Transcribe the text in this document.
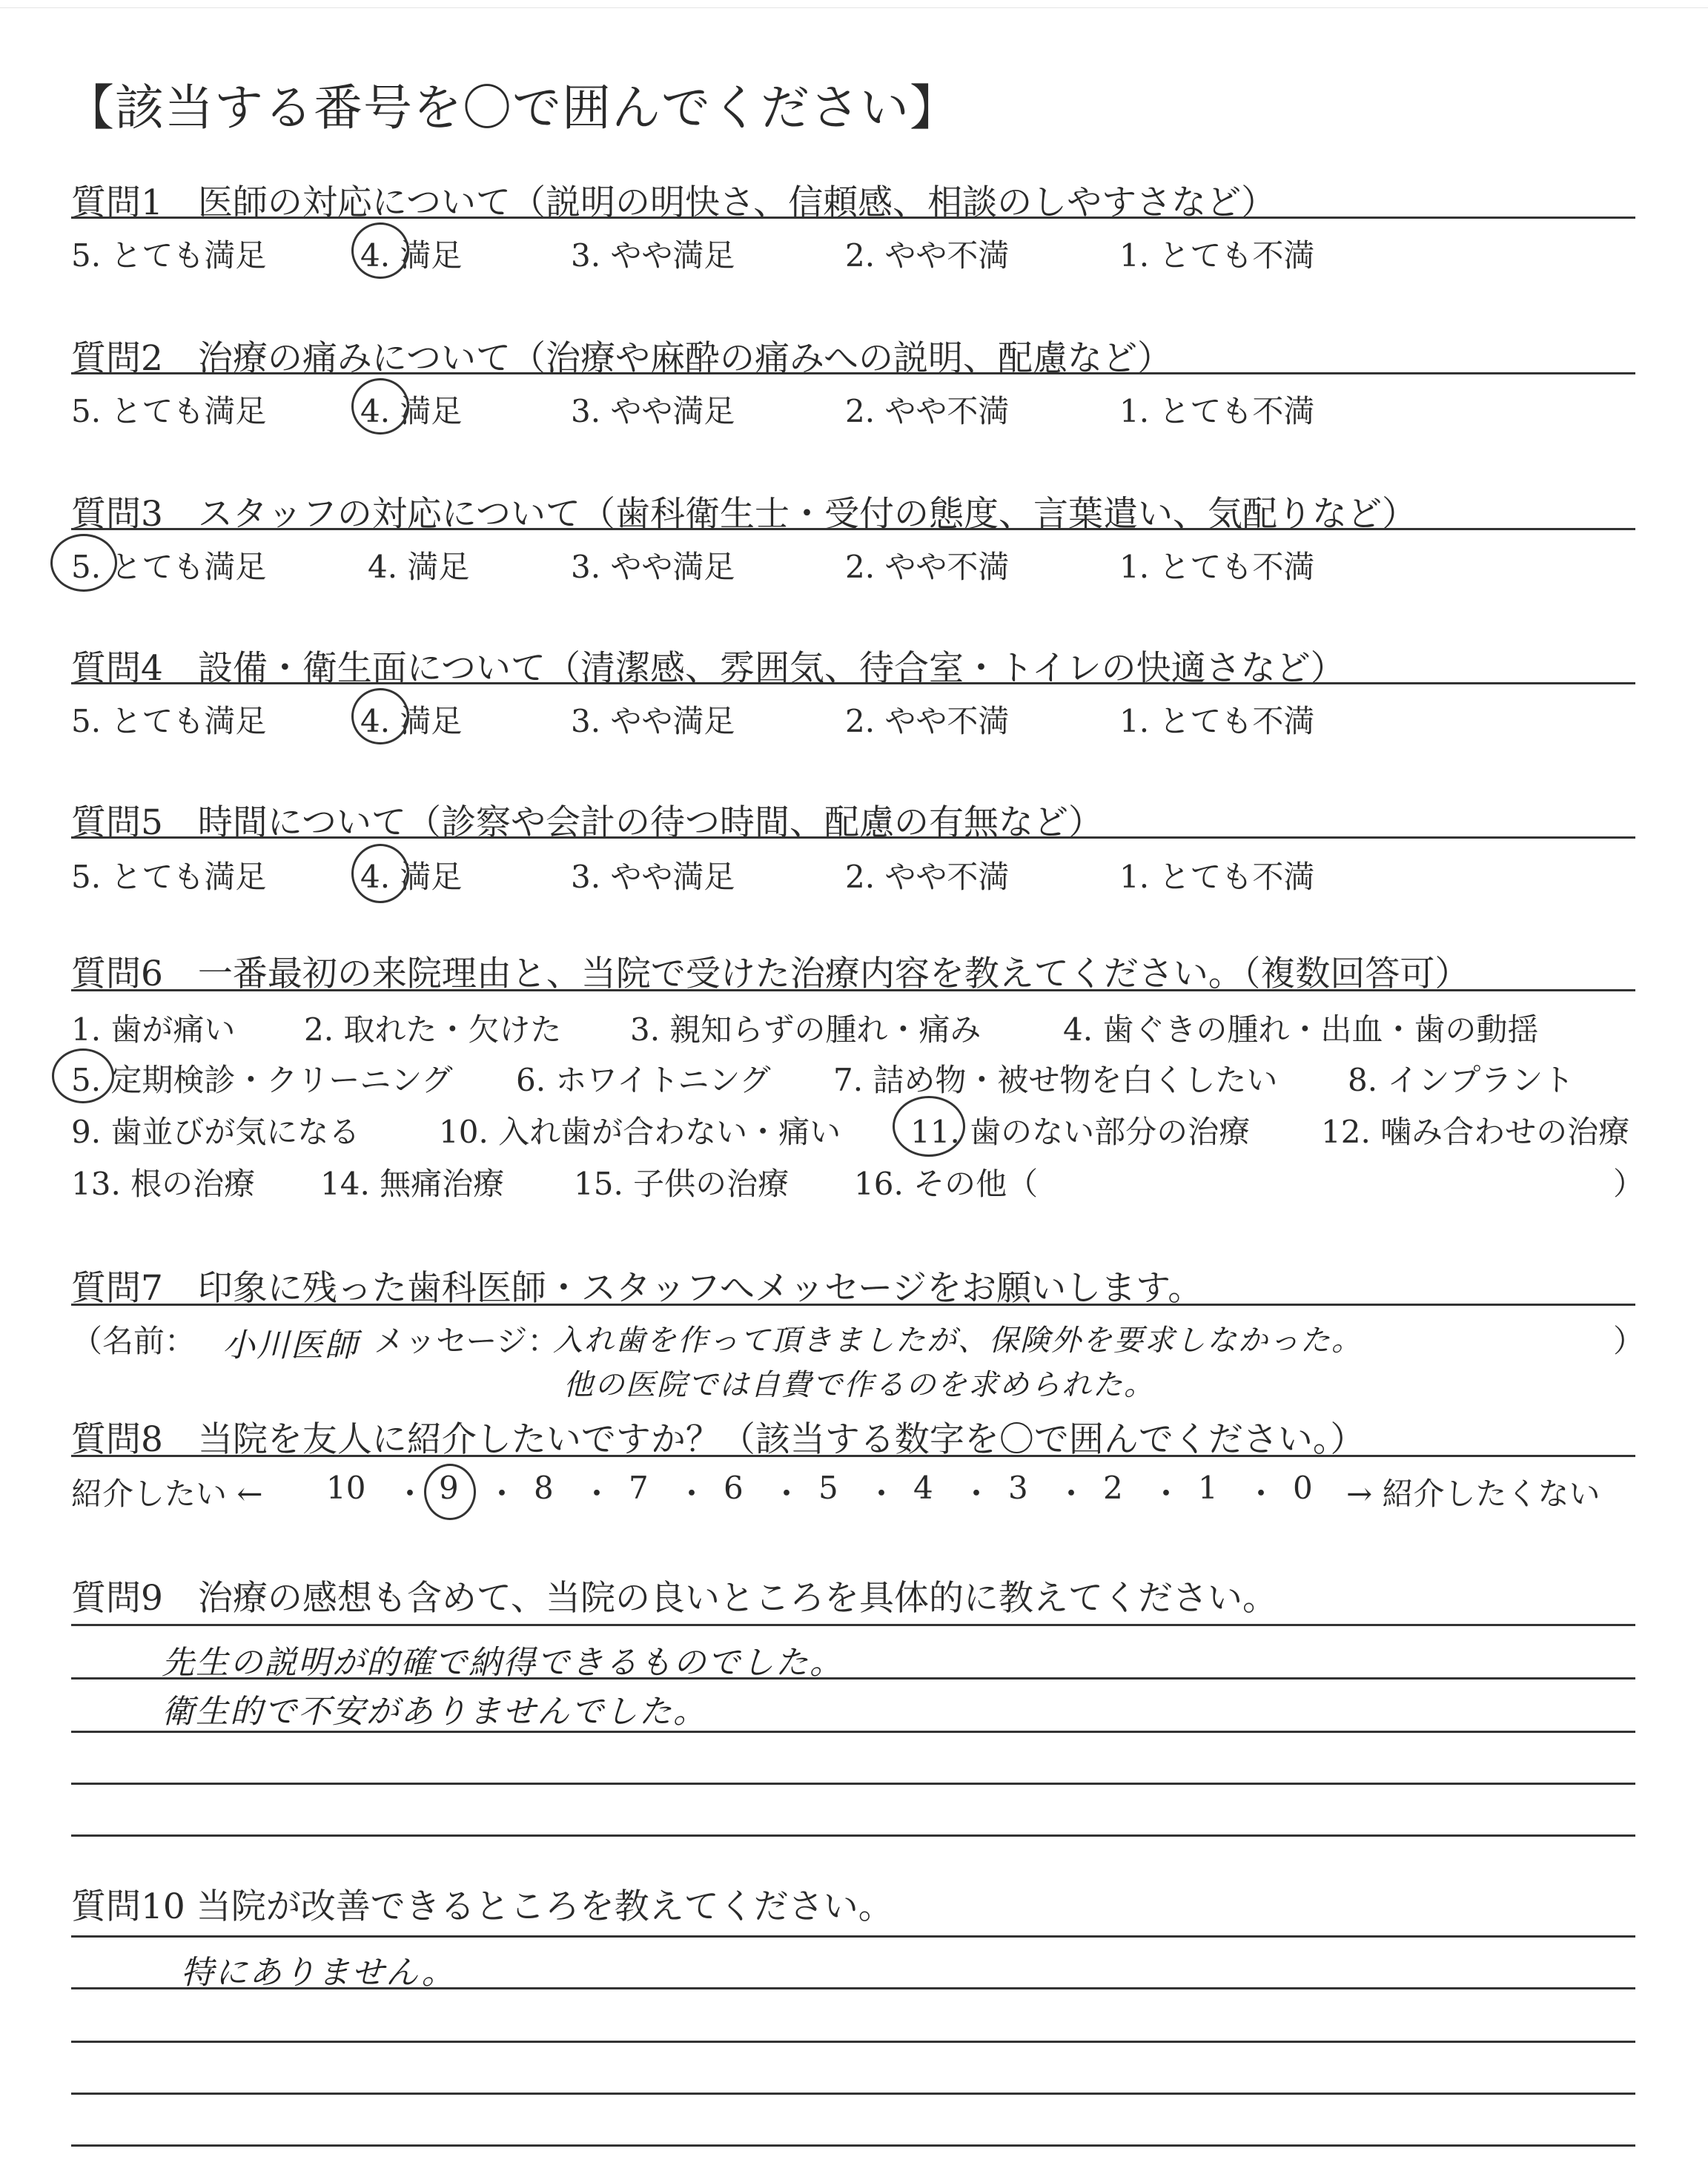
【該当する番号を〇で囲んでください】
質問1　医師の対応について（説明の明快さ、信頼感、相談のしやすさなど）
5. とても満足	4. 満足	3. やや満足	2. やや不満	1. とても不満
質問2　治療の痛みについて（治療や麻酔の痛みへの説明、配慮など）
5. とても満足	4. 満足	3. やや満足	2. やや不満	1. とても不満
質問3　スタッフの対応について（歯科衛生士・受付の態度、言葉遣い、気配りなど）
5. とても満足	4. 満足	3. やや満足	2. やや不満	1. とても不満
質問4　設備・衛生面について（清潔感、雰囲気、待合室・トイレの快適さなど）
5. とても満足	4. 満足	3. やや満足	2. やや不満	1. とても不満
質問5　時間について（診察や会計の待つ時間、配慮の有無など）
5. とても満足	4. 満足	3. やや満足	2. やや不満	1. とても不満
質問6　一番最初の来院理由と、当院で受けた治療内容を教えてください。（複数回答可）
1. 歯が痛い 2. 取れた・欠けた 3. 親知らずの腫れ・痛み	4. 歯ぐきの腫れ・出血・歯の動揺
5. 定期検診・クリーニング 6. ホワイトニング 7. 詰め物・被せ物を白くしたい 8. インプラント
9. 歯並びが気になる	10. 入れ歯が合わない・痛い 11. 歯のない部分の治療 12. 噛み合わせの治療
13. 根の治療 14. 無痛治療 15. 子供の治療 16. その他（	）
質問7　印象に残った歯科医師・スタッフへメッセージをお願いします。
（名前： 小川医師 メッセージ：
入れ歯を作って頂きましたが、保険外を要求しなかった。
他の医院では自費で作るのを求められた。
）
質問8　当院を友人に紹介したいですか？（該当する数字を〇で囲んでください。）
紹介したい ← 10 ・ 9 ・ 8 ・ 7 ・ 6 ・ 5 ・ 4 ・ 3 ・ 2 ・ 1 ・ 0 → 紹介したくない
質問9　治療の感想も含めて、当院の良いところを具体的に教えてください。
先生の説明が的確で納得できるものでした。
衛生的で不安がありませんでした。
質問10 当院が改善できるところを教えてください。
特にありません。
